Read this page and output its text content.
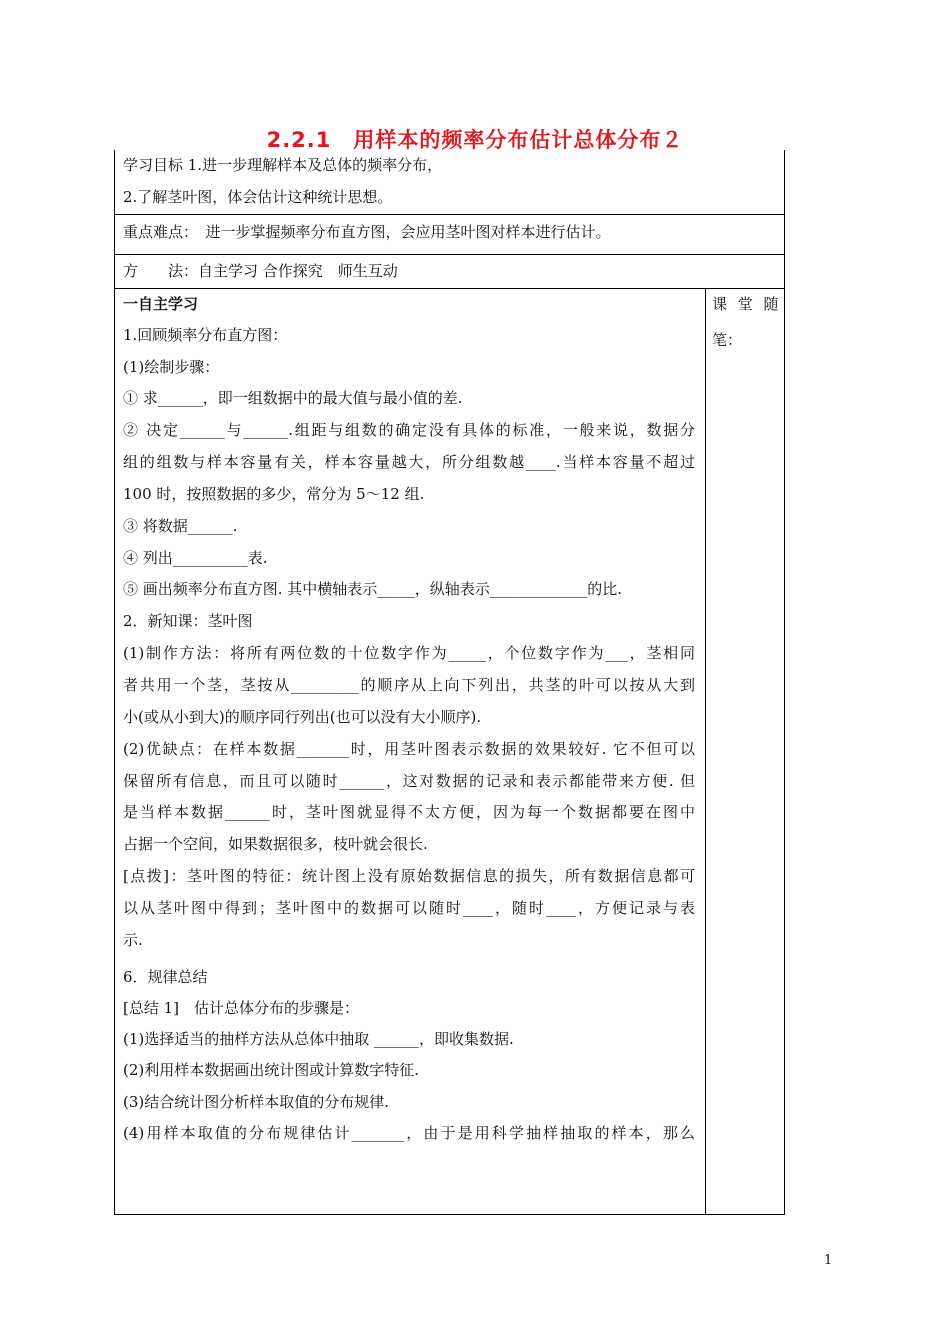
2.2.1　用样本的频率分布估计总体分布２
学习目标 1.进一步理解样本及总体的频率分布，
2.了解茎叶图，体会估计这种统计思想。
重点难点：　进一步掌握频率分布直方图，会应用茎叶图对样本进行估计。
方　　法：自主学习 合作探究　师生互动
一自主学习
1.回顾频率分布直方图：
(1)绘制步骤：
① 求______，即一组数据中的最大值与最小值的差.
② 决定______与______.组距与组数的确定没有具体的标准，一般来说，数据分
组的组数与样本容量有关，样本容量越大，所分组数越____.当样本容量不超过
100 时，按照数据的多少，常分为 5～12 组.
③ 将数据______.
④ 列出__________表.
⑤ 画出频率分布直方图. 其中横轴表示_____，纵轴表示_____________的比.
2．新知课：茎叶图
(1)制作方法：将所有两位数的十位数字作为_____，个位数字作为___，茎相同
者共用一个茎，茎按从_________的顺序从上向下列出，共茎的叶可以按从大到
小(或从小到大)的顺序同行列出(也可以没有大小顺序).
(2)优缺点：在样本数据_______时，用茎叶图表示数据的效果较好. 它不但可以
保留所有信息，而且可以随时______，这对数据的记录和表示都能带来方便. 但
是当样本数据______时，茎叶图就显得不太方便，因为每一个数据都要在图中
占据一个空间，如果数据很多，枝叶就会很长.
[点拨]：茎叶图的特征：统计图上没有原始数据信息的损失，所有数据信息都可
以从茎叶图中得到；茎叶图中的数据可以随时____，随时____，方便记录与表
示.
6．规律总结
[总结 1]　估计总体分布的步骤是：
(1)选择适当的抽样方法从总体中抽取 ______，即收集数据.
(2)利用样本数据画出统计图或计算数字特征.
(3)结合统计图分析样本取值的分布规律.
(4)用样本取值的分布规律估计_______，由于是用科学抽样抽取的样本，那么
课 堂 随
笔：
1
